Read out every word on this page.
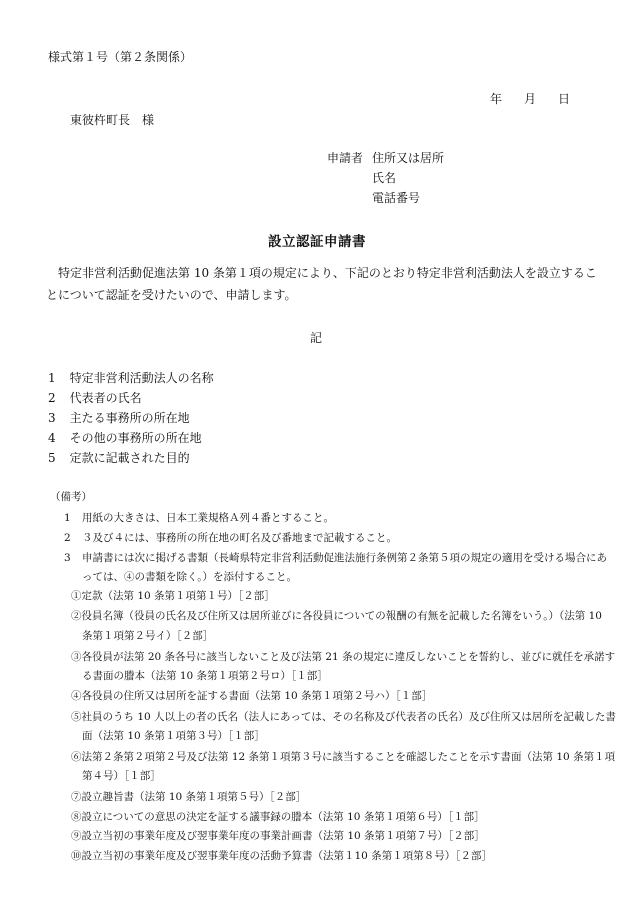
様式第１号（第２条関係）
年 月 日
東彼杵町長　様
申請者 住所又は居所
氏名
電話番号
設立認証申請書
特定非営利活動促進法第 10 条第１項の規定により、下記のとおり特定非営利活動法人を設立するこ
とについて認証を受けたいので、申請します。
記
1 特定非営利活動法人の名称
2 代表者の氏名
3 主たる事務所の所在地
4 その他の事務所の所在地
5 定款に記載された目的
（備考）
1 用紙の大きさは、日本工業規格Ａ列４番とすること。
2 ３及び４には、事務所の所在地の町名及び番地まで記載すること。
3 申請書には次に掲げる書類（長崎県特定非営利活動促進法施行条例第２条第５項の規定の適用を受ける場合にあ
っては、④の書類を除く。）を添付すること。
①定款（法第 10 条第１項第１号）［２部］
②役員名簿（役員の氏名及び住所又は居所並びに各役員についての報酬の有無を記載した名簿をいう。）（法第 10
条第１項第２号イ）［２部］
③各役員が法第 20 条各号に該当しないこと及び法第 21 条の規定に違反しないことを誓約し、並びに就任を承諾す
る書面の謄本（法第 10 条第１項第２号ロ）［１部］
④各役員の住所又は居所を証する書面（法第 10 条第１項第２号ハ）［１部］
⑤社員のうち 10 人以上の者の氏名（法人にあっては、その名称及び代表者の氏名）及び住所又は居所を記載した書
面（法第 10 条第１項第３号）［１部］
⑥法第２条第２項第２号及び法第 12 条第１項第３号に該当することを確認したことを示す書面（法第 10 条第１項
第４号）［１部］
⑦設立趣旨書（法第 10 条第１項第５号）［２部］
⑧設立についての意思の決定を証する議事録の謄本（法第 10 条第１項第６号）［１部］
⑨設立当初の事業年度及び翌事業年度の事業計画書（法第 10 条第１項第７号）［２部］
⑩設立当初の事業年度及び翌事業年度の活動予算書（法第１10 条第１項第８号）［２部］
